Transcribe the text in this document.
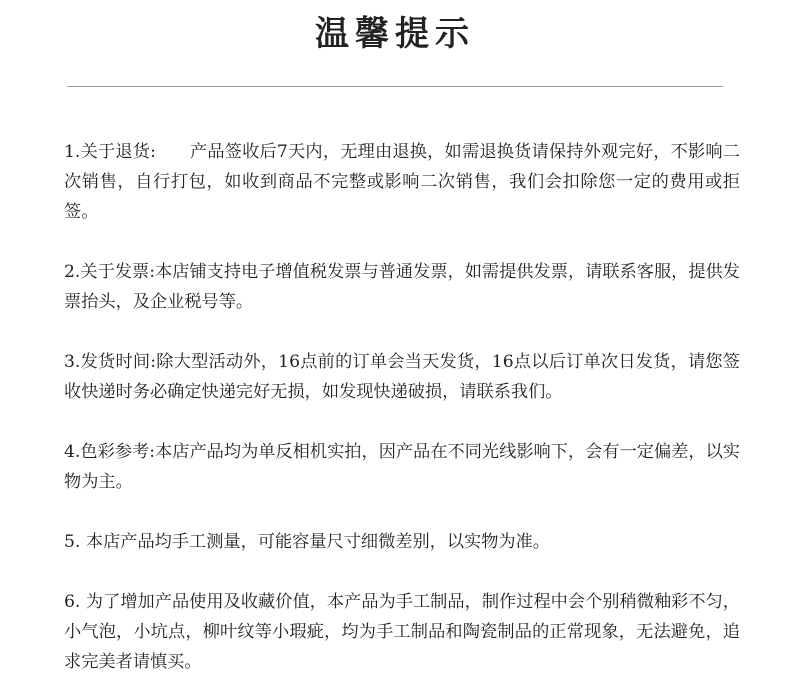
温馨提示
1.关于退货: 产品签收后7天内，无理由退换，如需退换货请保持外观完好，不影响二次销售，自行打包，如收到商品不完整或影响二次销售，我们会扣除您一定的费用或拒签。
2.关于发票:本店铺支持电子增值税发票与普通发票，如需提供发票，请联系客服，提供发票抬头，及企业税号等。
3.发货时间:除大型活动外，16点前的订单会当天发货，16点以后订单次日发货，请您签收快递时务必确定快递完好无损，如发现快递破损，请联系我们。
4.色彩参考:本店产品均为单反相机实拍，因产品在不同光线影响下，会有一定偏差，以实物为主。
5. 本店产品均手工测量，可能容量尺寸细微差别，以实物为准。
6. 为了增加产品使用及收藏价值，本产品为手工制品，制作过程中会个别稍微釉彩不匀，小气泡，小坑点，柳叶纹等小瑕疵，均为手工制品和陶瓷制品的正常现象，无法避免，追求完美者请慎买。
